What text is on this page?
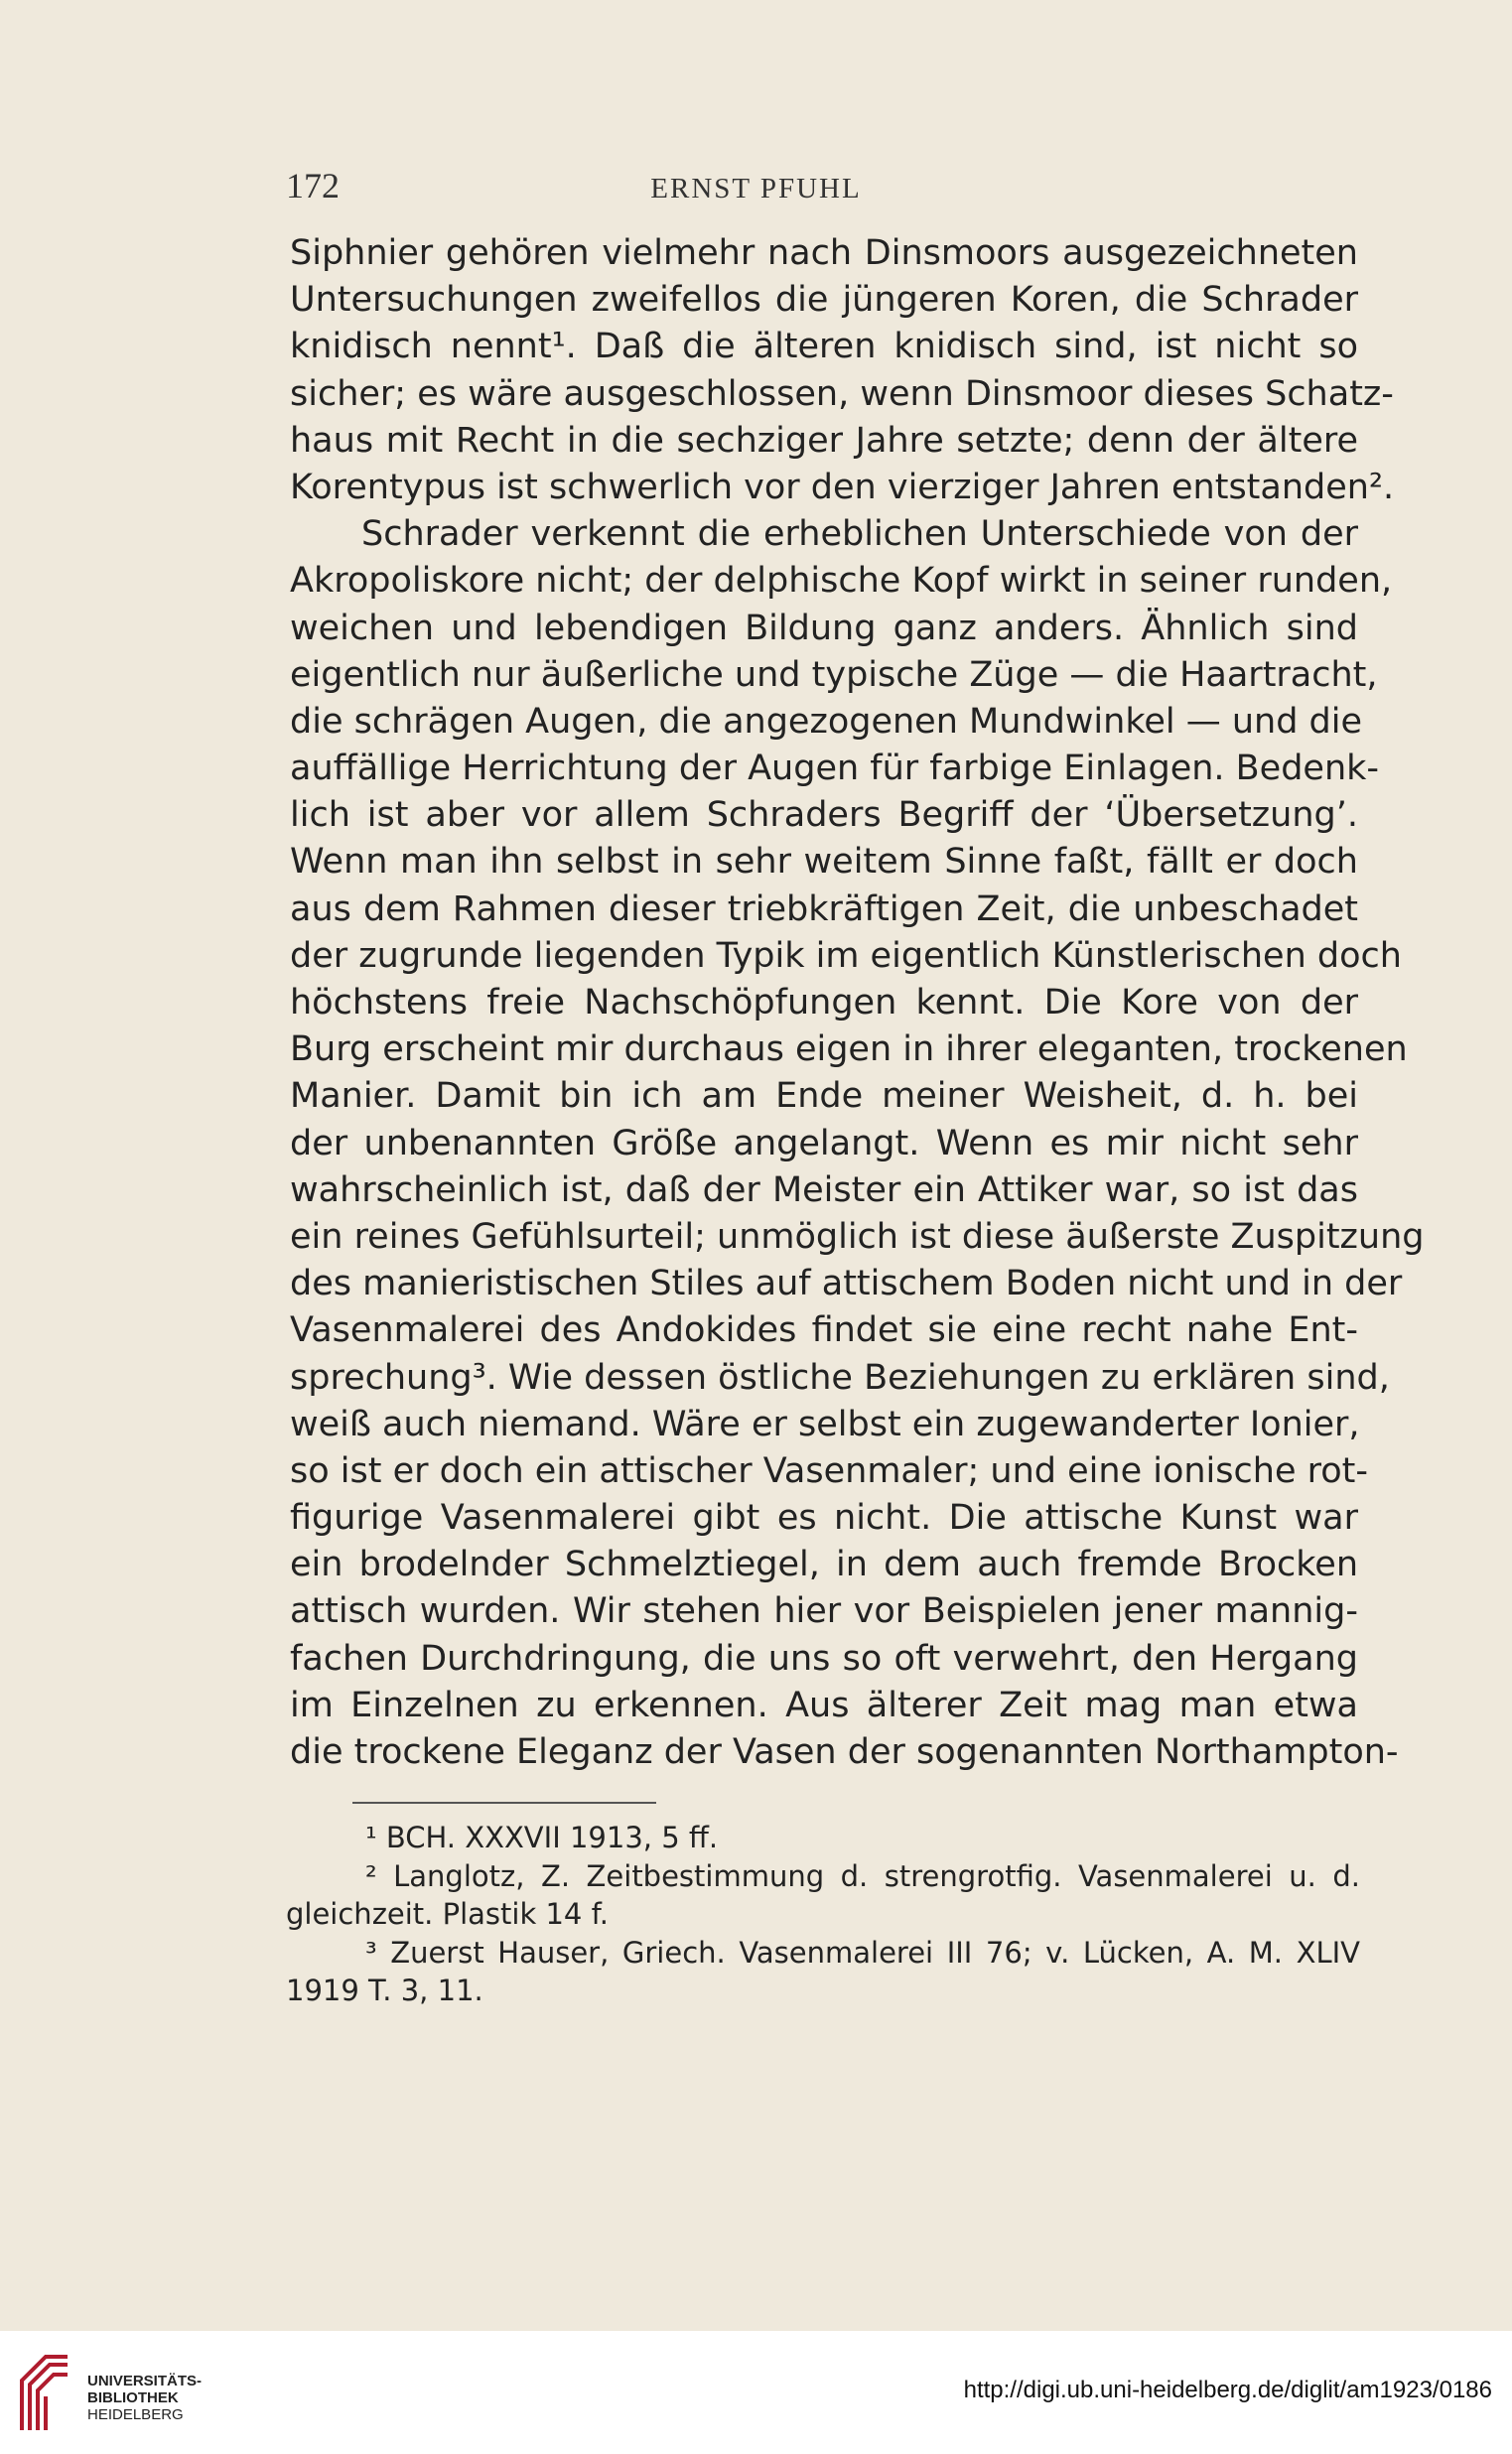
172	ERNST PFUHL
Siphnier gehören vielmehr nach Dinsmoors ausgezeichneten
Untersuchungen zweifellos die jüngeren Koren, die Schrader
knidisch nennt¹. Daß die älteren knidisch sind, ist nicht so
sicher; es wäre ausgeschlossen, wenn Dinsmoor dieses Schatz-
haus mit Recht in die sechziger Jahre setzte; denn der ältere
Korentypus ist schwerlich vor den vierziger Jahren entstanden².
Schrader verkennt die erheblichen Unterschiede von der
Akropoliskore nicht; der delphische Kopf wirkt in seiner runden,
weichen und lebendigen Bildung ganz anders. Ähnlich sind
eigentlich nur äußerliche und typische Züge — die Haartracht,
die schrägen Augen, die angezogenen Mundwinkel — und die
auffällige Herrichtung der Augen für farbige Einlagen. Bedenk-
lich ist aber vor allem Schraders Begriff der ‘Übersetzung’.
Wenn man ihn selbst in sehr weitem Sinne faßt, fällt er doch
aus dem Rahmen dieser triebkräftigen Zeit, die unbeschadet
der zugrunde liegenden Typik im eigentlich Künstlerischen doch
höchstens freie Nachschöpfungen kennt. Die Kore von der
Burg erscheint mir durchaus eigen in ihrer eleganten, trockenen
Manier. Damit bin ich am Ende meiner Weisheit, d. h. bei
der unbenannten Größe angelangt. Wenn es mir nicht sehr
wahrscheinlich ist, daß der Meister ein Attiker war, so ist das
ein reines Gefühlsurteil; unmöglich ist diese äußerste Zuspitzung
des manieristischen Stiles auf attischem Boden nicht und in der
Vasenmalerei des Andokides findet sie eine recht nahe Ent-
sprechung³. Wie dessen östliche Beziehungen zu erklären sind,
weiß auch niemand. Wäre er selbst ein zugewanderter Ionier,
so ist er doch ein attischer Vasenmaler; und eine ionische rot-
figurige Vasenmalerei gibt es nicht. Die attische Kunst war
ein brodelnder Schmelztiegel, in dem auch fremde Brocken
attisch wurden. Wir stehen hier vor Beispielen jener mannig-
fachen Durchdringung, die uns so oft verwehrt, den Hergang
im Einzelnen zu erkennen. Aus älterer Zeit mag man etwa
die trockene Eleganz der Vasen der sogenannten Northampton-
¹ BCH. XXXVII 1913, 5 ff.
² Langlotz, Z. Zeitbestimmung d. strengrotfig. Vasenmalerei u. d.
gleichzeit. Plastik 14 f.
³ Zuerst Hauser, Griech. Vasenmalerei III 76; v. Lücken, A. M. XLIV
1919 T. 3, 11.
UNIVERSITÄTS-
BIBLIOTHEK
HEIDELBERG
http://digi.ub.uni-heidelberg.de/diglit/am1923/0186
